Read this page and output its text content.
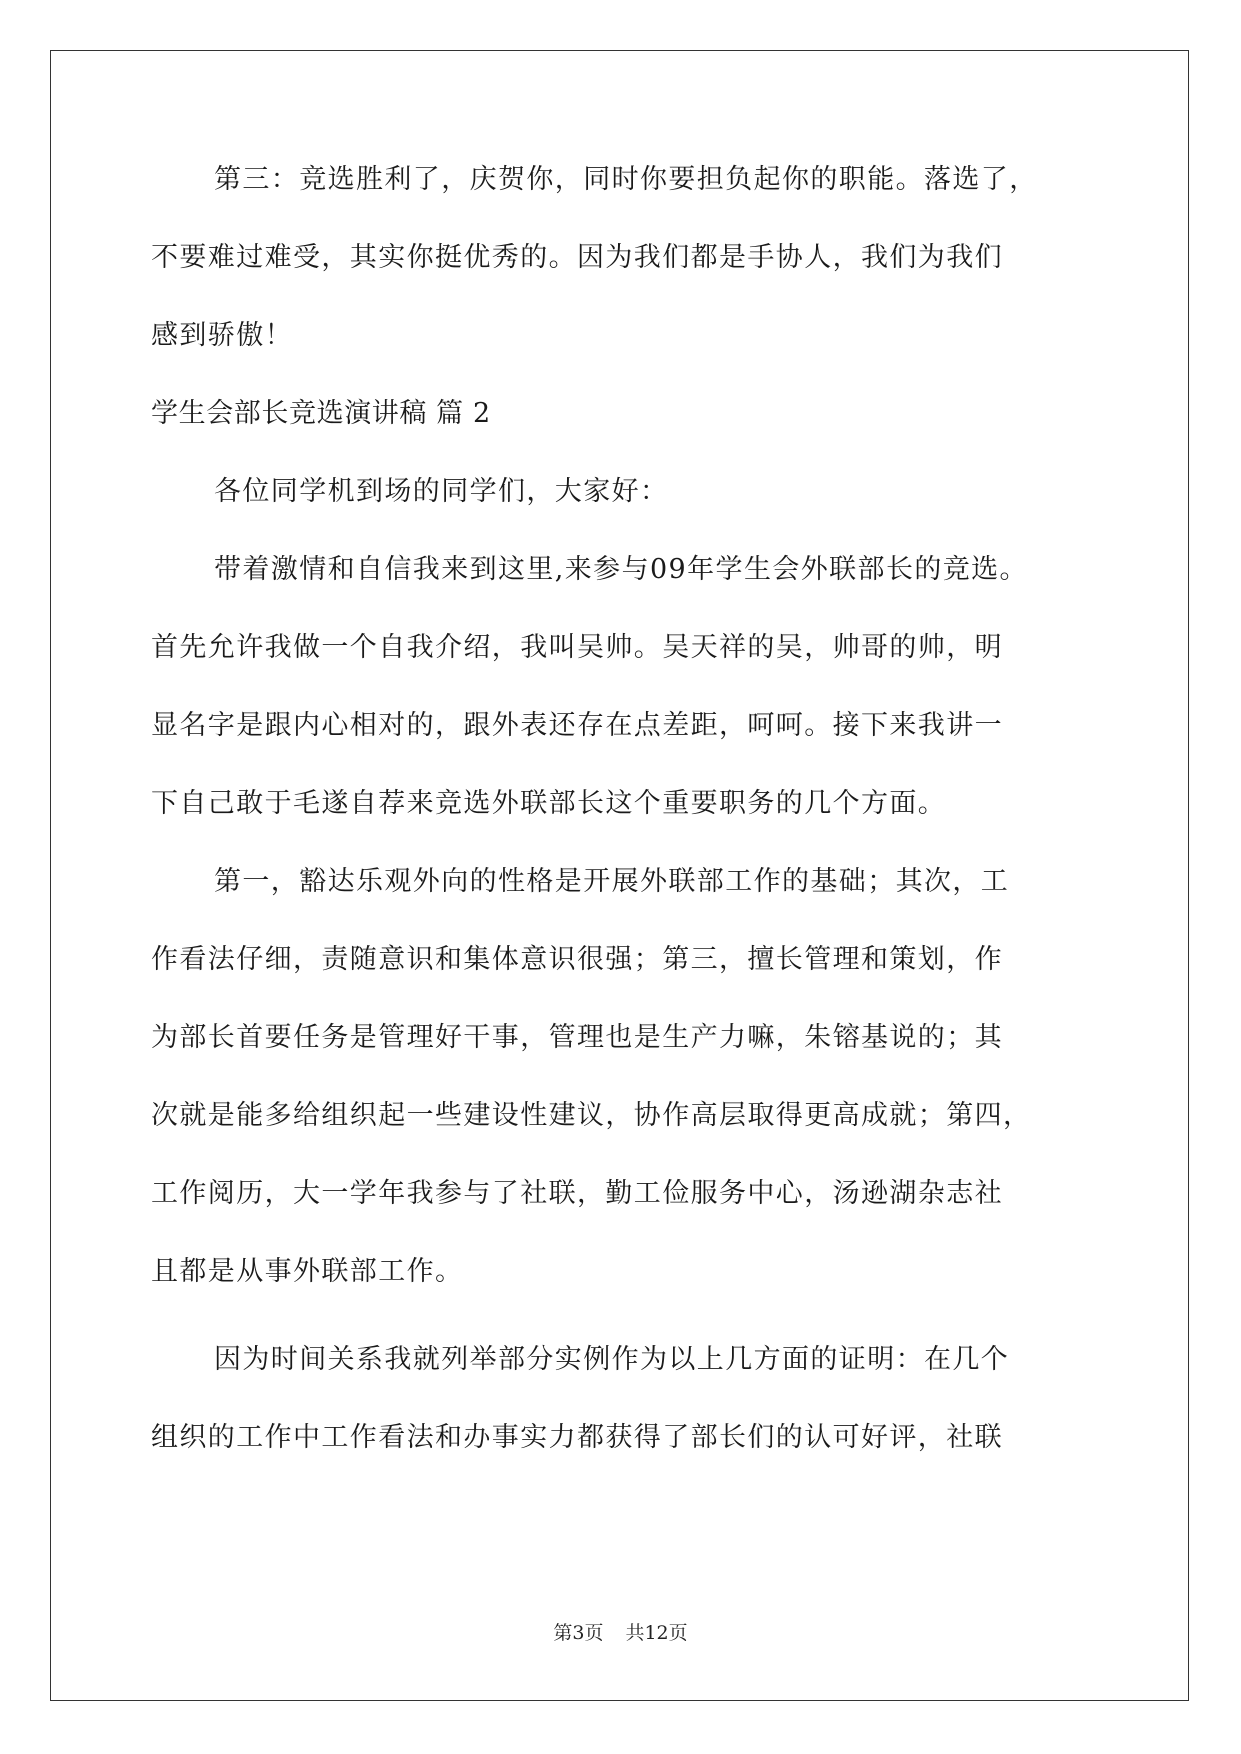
第三：竞选胜利了，庆贺你，同时你要担负起你的职能。落选了，
不要难过难受，其实你挺优秀的。因为我们都是手协人，我们为我们
感到骄傲！
学生会部长竞选演讲稿 篇 2
各位同学机到场的同学们，大家好：
带着激情和自信我来到这里,来参与09年学生会外联部长的竞选。
首先允许我做一个自我介绍，我叫吴帅。吴天祥的吴，帅哥的帅，明
显名字是跟内心相对的，跟外表还存在点差距，呵呵。接下来我讲一
下自己敢于毛遂自荐来竞选外联部长这个重要职务的几个方面。
第一，豁达乐观外向的性格是开展外联部工作的基础；其次，工
作看法仔细，责随意识和集体意识很强；第三，擅长管理和策划，作
为部长首要任务是管理好干事，管理也是生产力嘛，朱镕基说的；其
次就是能多给组织起一些建设性建议，协作高层取得更高成就；第四，
工作阅历，大一学年我参与了社联，勤工俭服务中心，汤逊湖杂志社
且都是从事外联部工作。
因为时间关系我就列举部分实例作为以上几方面的证明：在几个
组织的工作中工作看法和办事实力都获得了部长们的认可好评，社联
第3页 共12页
